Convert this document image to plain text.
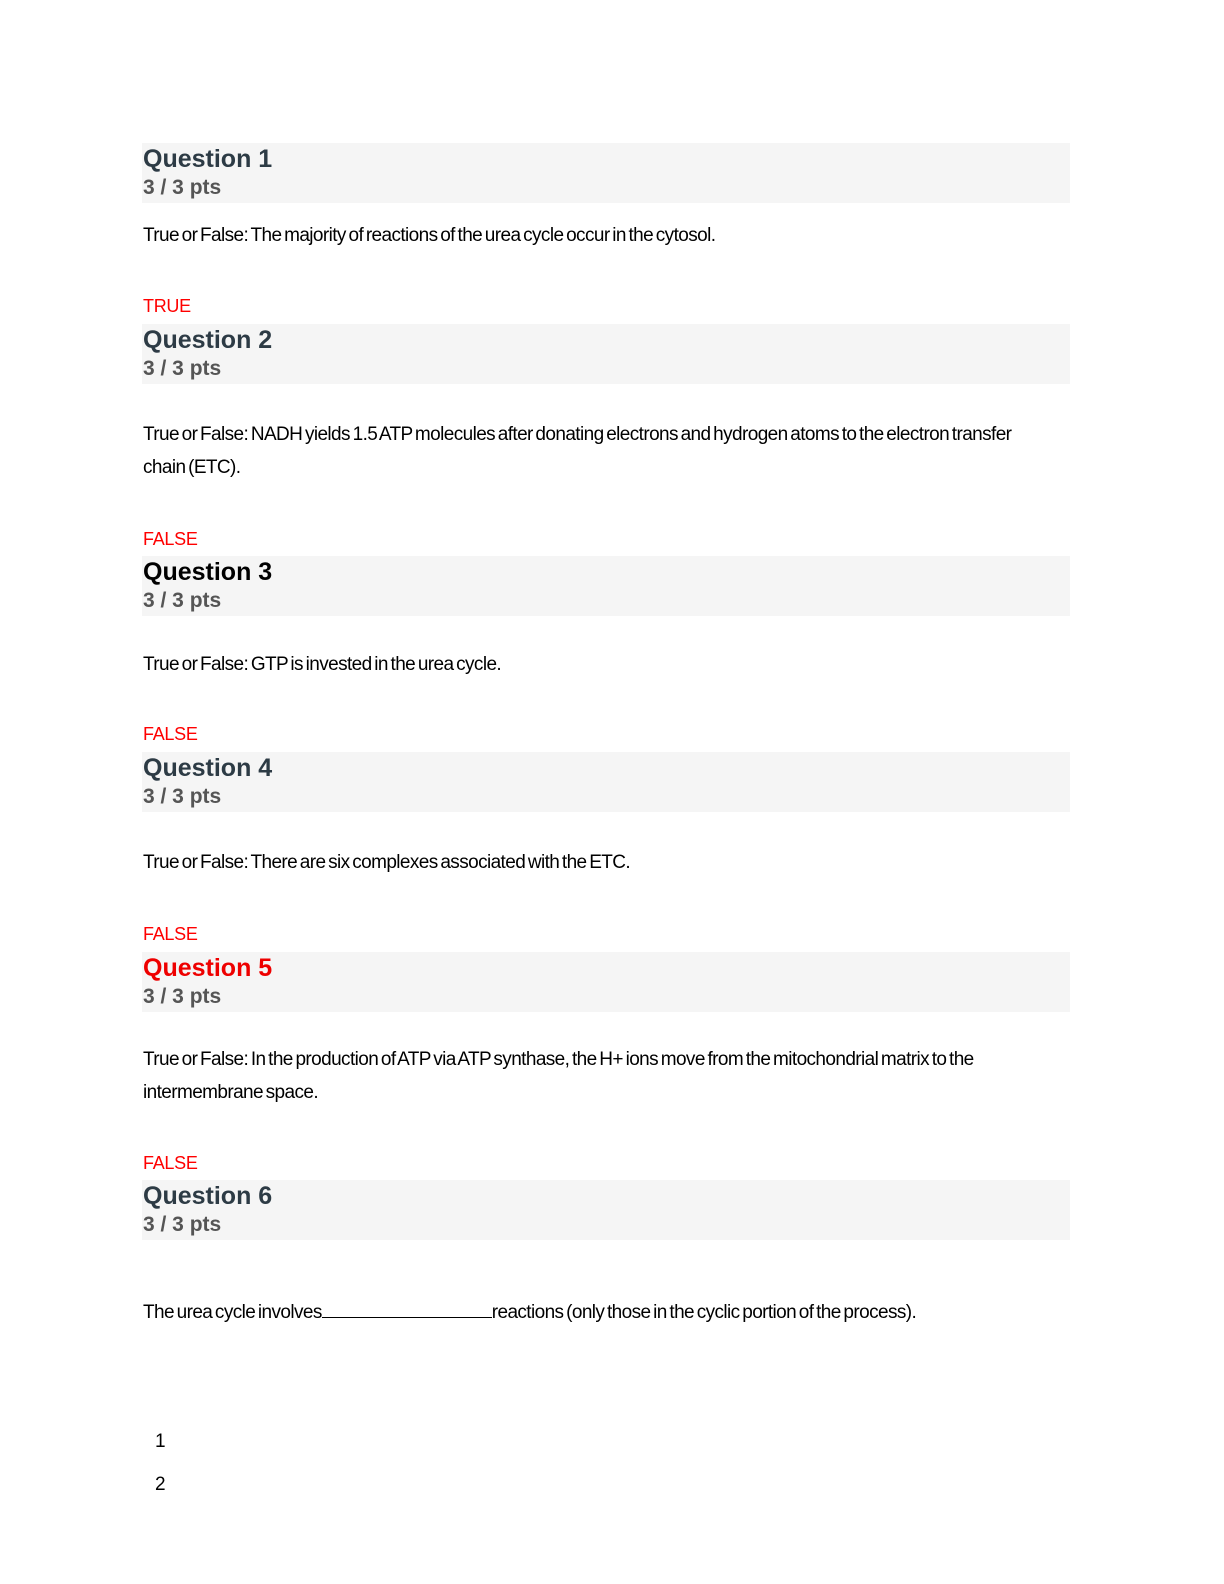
Question 1
3 / 3 pts
True or False: The majority of reactions of the urea cycle occur in the cytosol.
TRUE
Question 2
3 / 3 pts
True or False: NADH yields 1.5 ATP molecules after donating electrons and hydrogen atoms to the electron transfer chain (ETC).
FALSE
Question 3
3 / 3 pts
True or False: GTP is invested in the urea cycle.
FALSE
Question 4
3 / 3 pts
True or False: There are six complexes associated with the ETC.
FALSE
Question 5
3 / 3 pts
True or False: In the production of ATP via ATP synthase, the H+ ions move from the mitochondrial matrix to the intermembrane space.
FALSE
Question 6
3 / 3 pts
The urea cycle involves	reactions (only those in the cyclic portion of the process).
1
2
